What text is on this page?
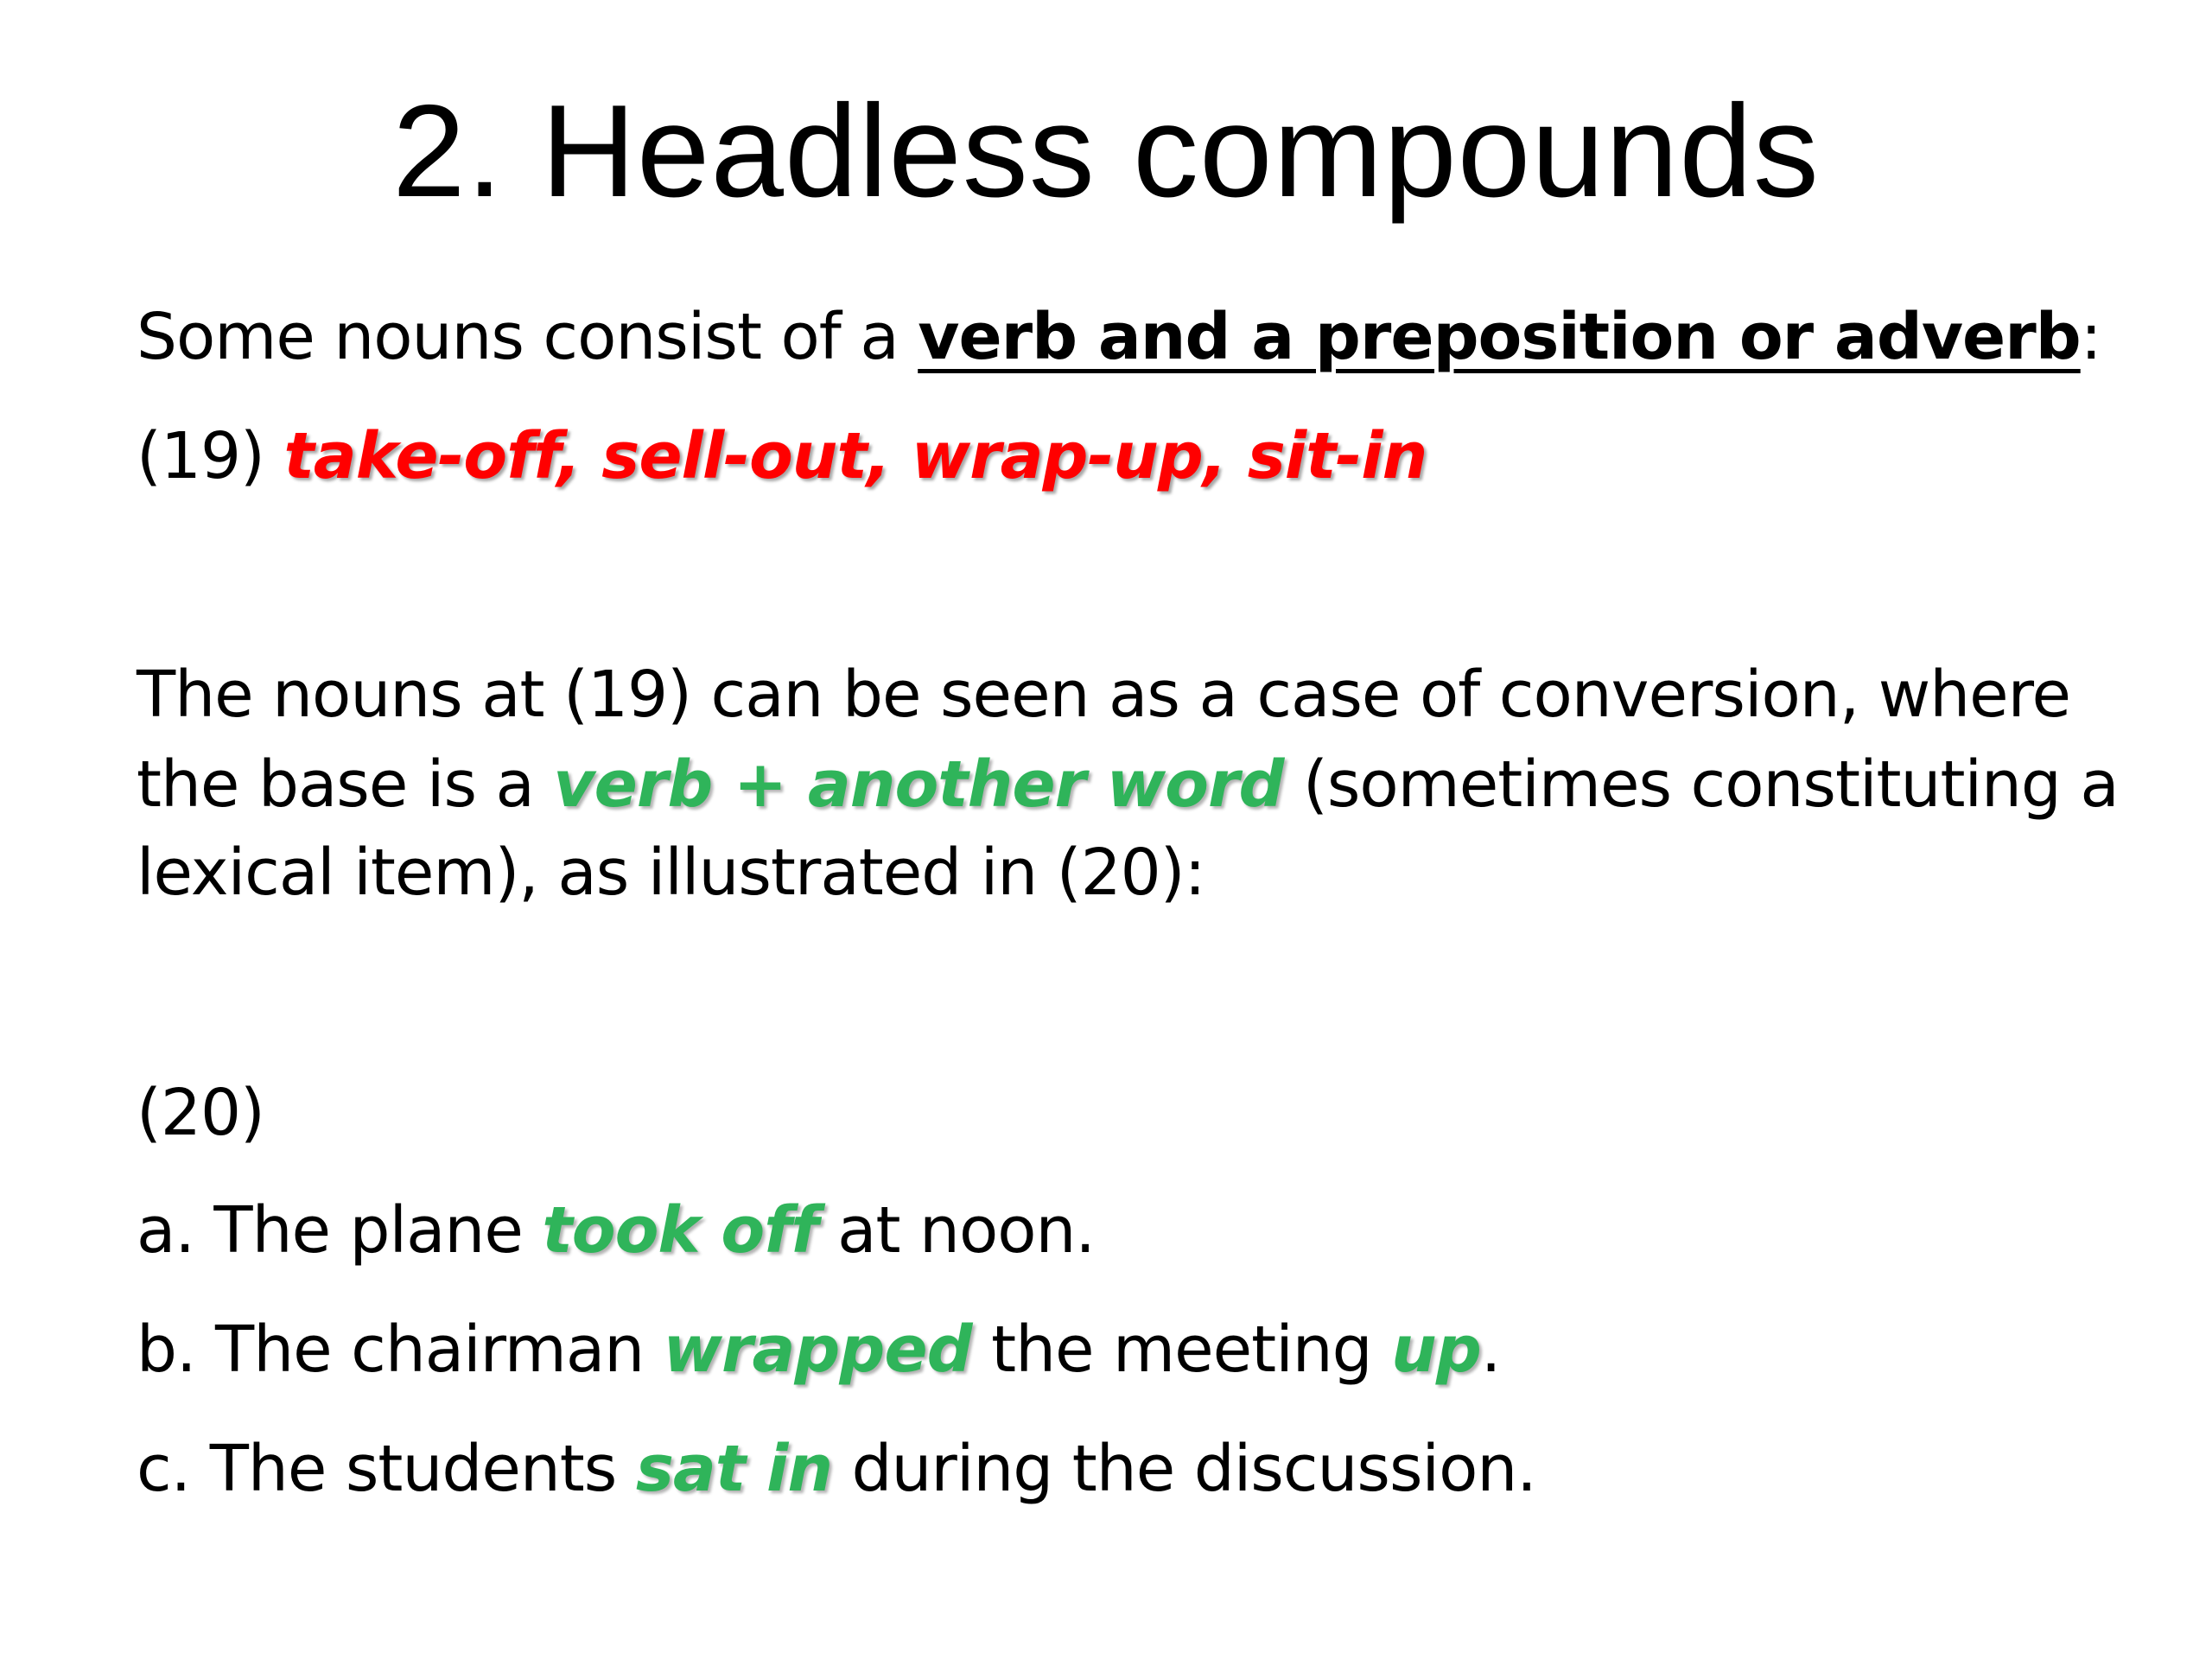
2. Headless compounds
Some nouns consist of a verb and a preposition or adverb:
(19) take-off, sell-out, wrap-up, sit-in
The nouns at (19) can be seen as a case of conversion, where
the base is a verb + another word (sometimes constituting a
lexical item), as illustrated in (20):
(20)
a. The plane took off at noon.
b. The chairman wrapped the meeting up.
c. The students sat in during the discussion.
